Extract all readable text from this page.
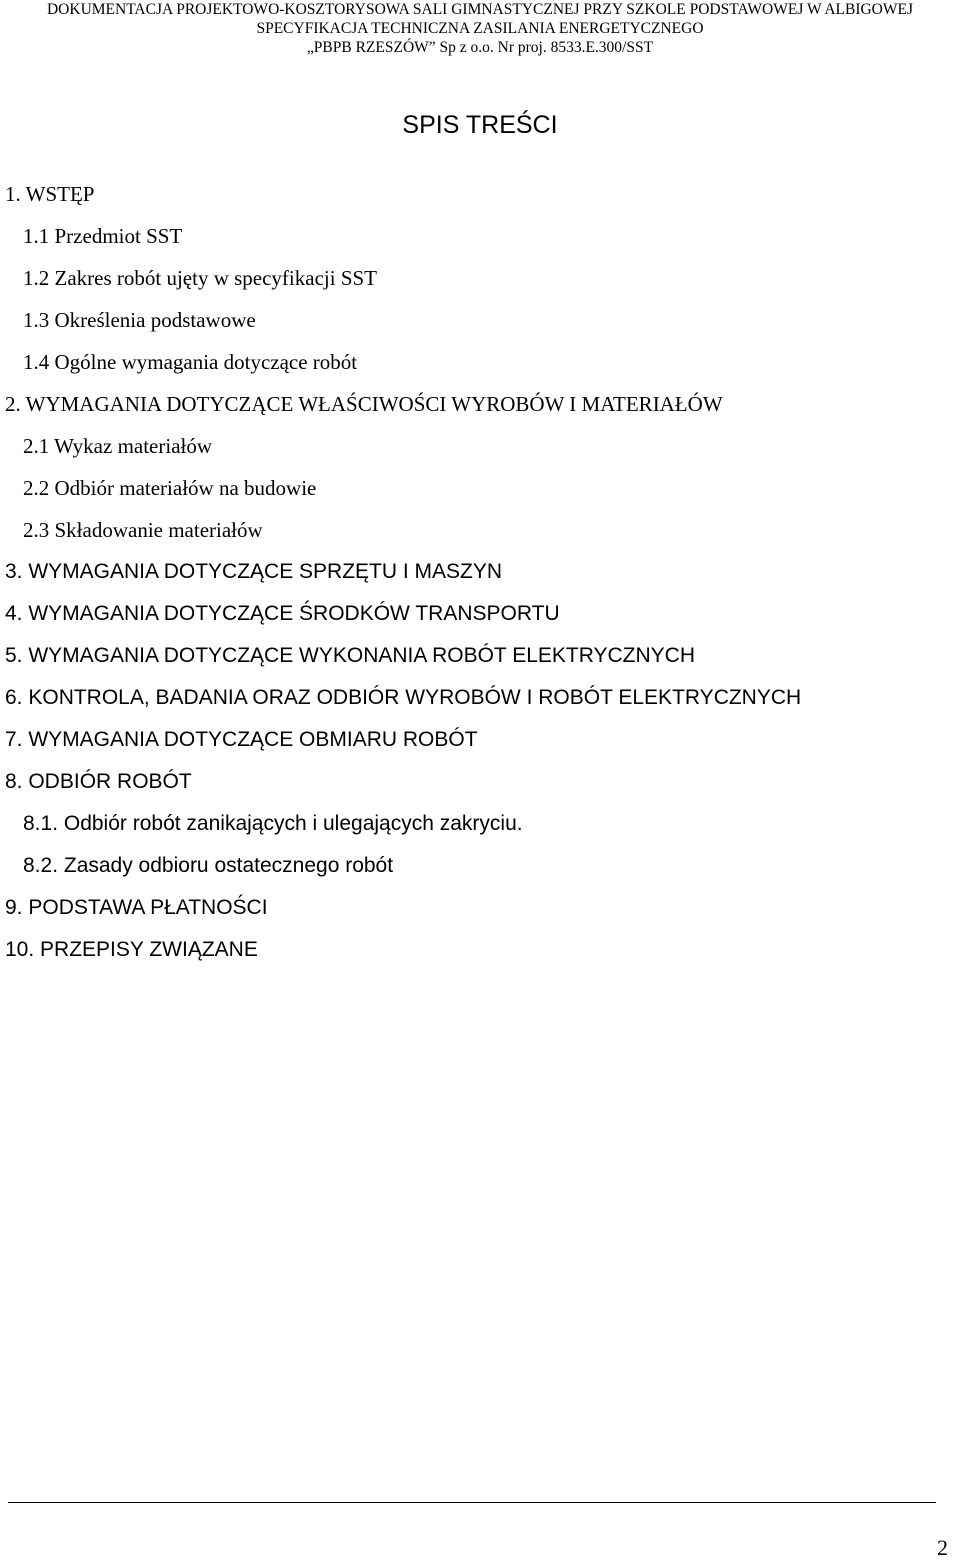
DOKUMENTACJA PROJEKTOWO-KOSZTORYSOWA SALI GIMNASTYCZNEJ PRZY SZKOLE PODSTAWOWEJ W ALBIGOWEJ
SPECYFIKACJA TECHNICZNA ZASILANIA ENERGETYCZNEGO
„PBPB RZESZÓW” Sp z o.o. Nr proj. 8533.E.300/SST
SPIS TREŚCI
1. WSTĘP
1.1 Przedmiot SST
1.2 Zakres robót ujęty w specyfikacji SST
1.3 Określenia podstawowe
1.4 Ogólne wymagania dotyczące robót
2. WYMAGANIA DOTYCZĄCE WŁAŚCIWOŚCI WYROBÓW I MATERIAŁÓW
2.1 Wykaz materiałów
2.2 Odbiór materiałów na budowie
2.3 Składowanie materiałów
3. WYMAGANIA DOTYCZĄCE SPRZĘTU I MASZYN
4. WYMAGANIA DOTYCZĄCE ŚRODKÓW TRANSPORTU
5. WYMAGANIA DOTYCZĄCE WYKONANIA ROBÓT ELEKTRYCZNYCH
6. KONTROLA, BADANIA ORAZ ODBIÓR WYROBÓW I ROBÓT ELEKTRYCZNYCH
7. WYMAGANIA DOTYCZĄCE OBMIARU ROBÓT
8. ODBIÓR ROBÓT
8.1. Odbiór robót zanikających i ulegających zakryciu.
8.2. Zasady odbioru ostatecznego robót
9. PODSTAWA PŁATNOŚCI
10. PRZEPISY ZWIĄZANE
2
